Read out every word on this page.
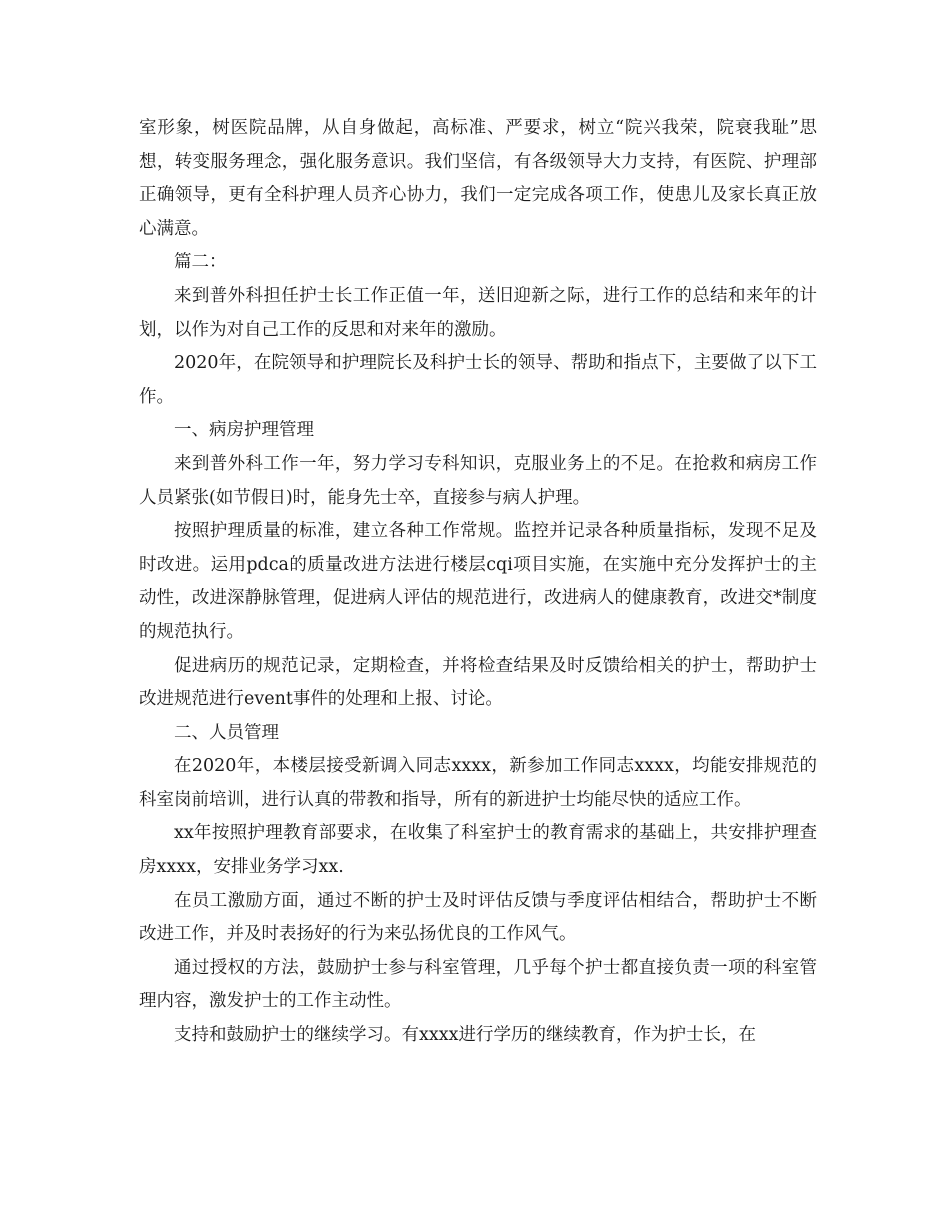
室形象，树医院品牌，从自身做起，高标准、严要求，树立“院兴我荣，院衰我耻”思想，转变服务理念，强化服务意识。我们坚信，有各级领导大力支持，有医院、护理部正确领导，更有全科护理人员齐心协力，我们一定完成各项工作，使患儿及家长真正放心满意。

篇二：

来到普外科担任护士长工作正值一年，送旧迎新之际，进行工作的总结和来年的计划，以作为对自己工作的反思和对来年的激励。

2020年，在院领导和护理院长及科护士长的领导、帮助和指点下，主要做了以下工作。

一、病房护理管理

来到普外科工作一年，努力学习专科知识，克服业务上的不足。在抢救和病房工作人员紧张(如节假日)时，能身先士卒，直接参与病人护理。

按照护理质量的标准，建立各种工作常规。监控并记录各种质量指标，发现不足及时改进。运用pdca的质量改进方法进行楼层cqi项目实施，在实施中充分发挥护士的主动性，改进深静脉管理，促进病人评估的规范进行，改进病人的健康教育，改进交*制度的规范执行。

促进病历的规范记录，定期检查，并将检查结果及时反馈给相关的护士，帮助护士改进规范进行event事件的处理和上报、讨论。

二、人员管理

在2020年，本楼层接受新调入同志xxxx，新参加工作同志xxxx，均能安排规范的科室岗前培训，进行认真的带教和指导，所有的新进护士均能尽快的适应工作。

xx年按照护理教育部要求，在收集了科室护士的教育需求的基础上，共安排护理查房xxxx，安排业务学习xx.

在员工激励方面，通过不断的护士及时评估反馈与季度评估相结合，帮助护士不断改进工作，并及时表扬好的行为来弘扬优良的工作风气。

通过授权的方法，鼓励护士参与科室管理，几乎每个护士都直接负责一项的科室管理内容，激发护士的工作主动性。

支持和鼓励护士的继续学习。有xxxx进行学历的继续教育，作为护士长，在
